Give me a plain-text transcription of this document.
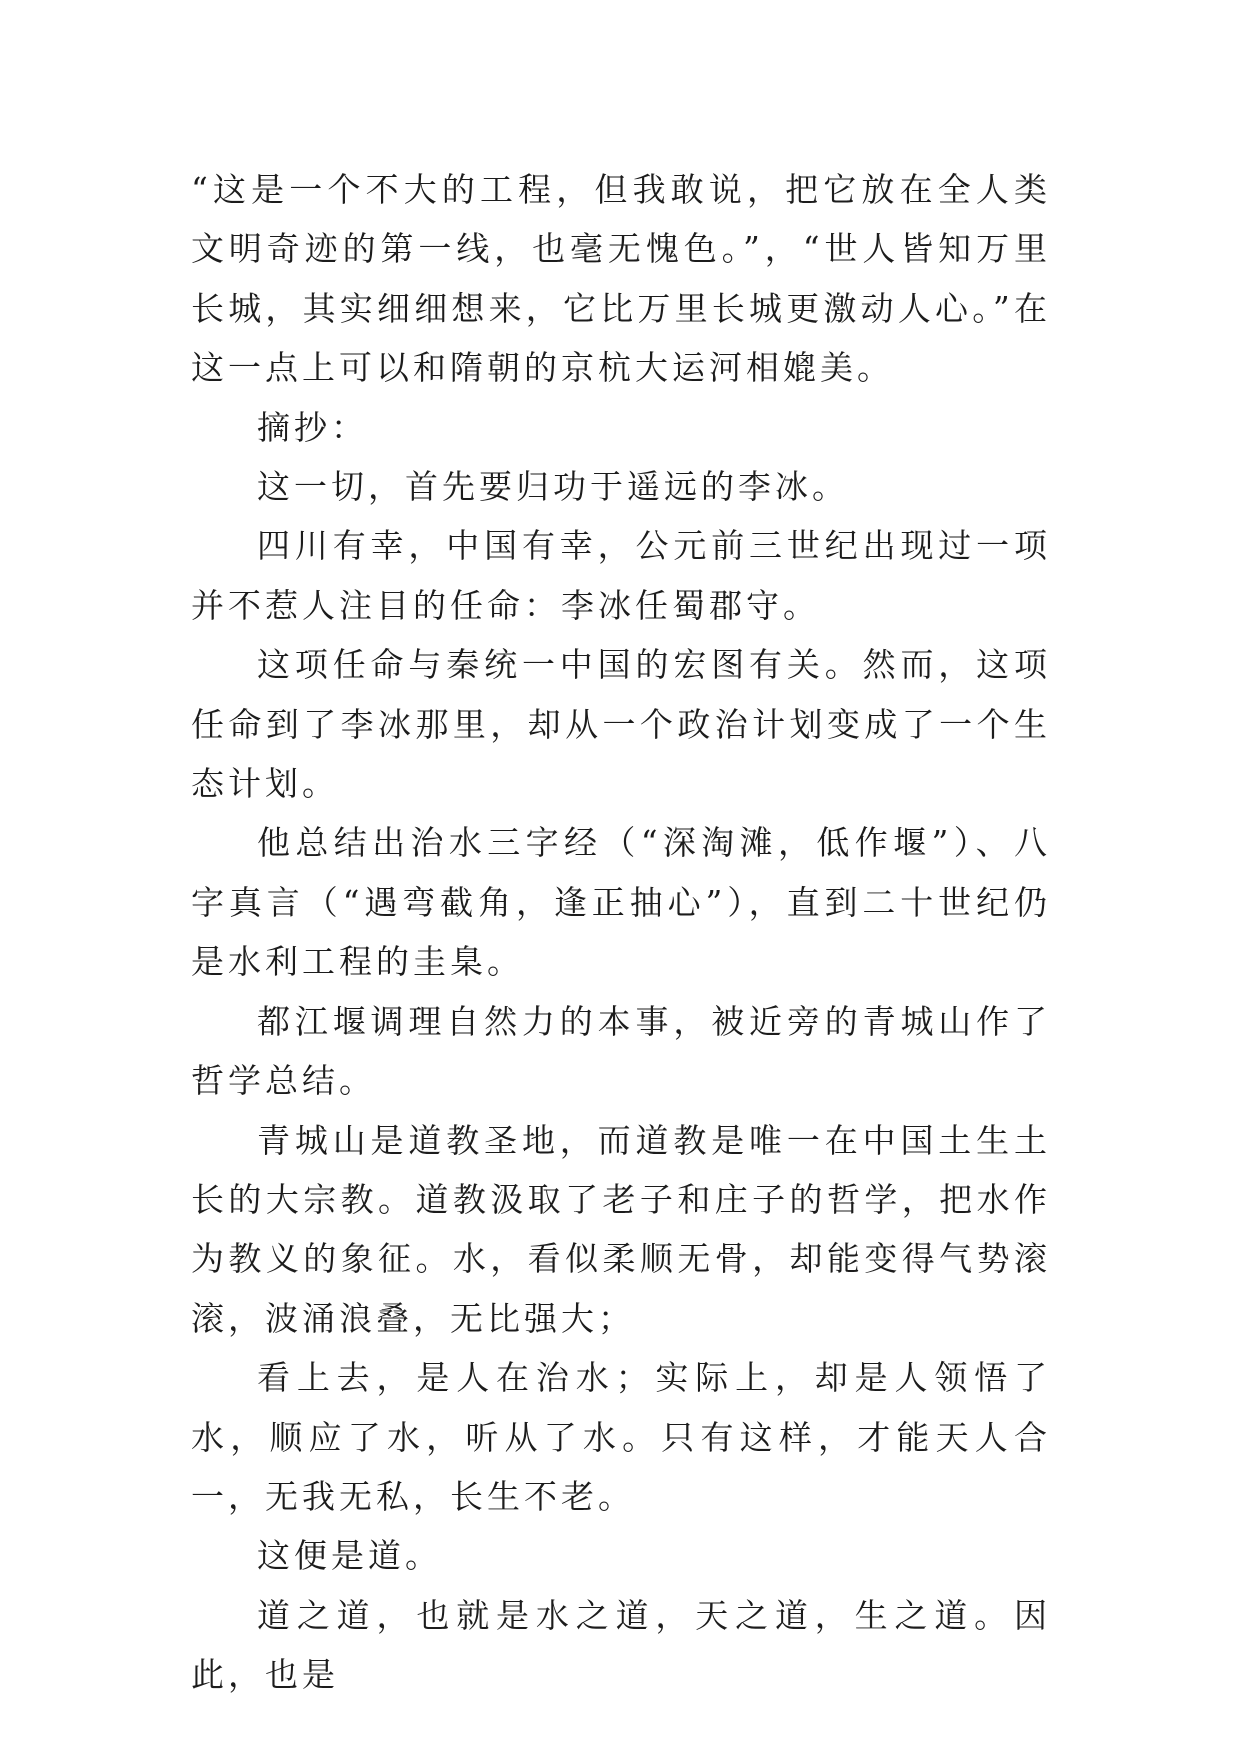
“这是一个不大的工程，但我敢说，把它放在全人类文明奇迹的第一线，也毫无愧色。”，“世人皆知万里长城，其实细细想来，它比万里长城更激动人心。”在这一点上可以和隋朝的京杭大运河相媲美。

摘抄：

这一切，首先要归功于遥远的李冰。

四川有幸，中国有幸，公元前三世纪出现过一项并不惹人注目的任命：李冰任蜀郡守。

这项任命与秦统一中国的宏图有关。然而，这项任命到了李冰那里，却从一个政治计划变成了一个生态计划。

他总结出治水三字经（“深淘滩，低作堰”）、八字真言（“遇弯截角，逢正抽心”），直到二十世纪仍是水利工程的圭臬。

都江堰调理自然力的本事，被近旁的青城山作了哲学总结。

青城山是道教圣地，而道教是唯一在中国土生土长的大宗教。道教汲取了老子和庄子的哲学，把水作为教义的象征。水，看似柔顺无骨，却能变得气势滚滚，波涌浪叠，无比强大；

看上去，是人在治水；实际上，却是人领悟了水，顺应了水，听从了水。只有这样，才能天人合一，无我无私，长生不老。

这便是道。

道之道，也就是水之道，天之道，生之道。因此，也是
